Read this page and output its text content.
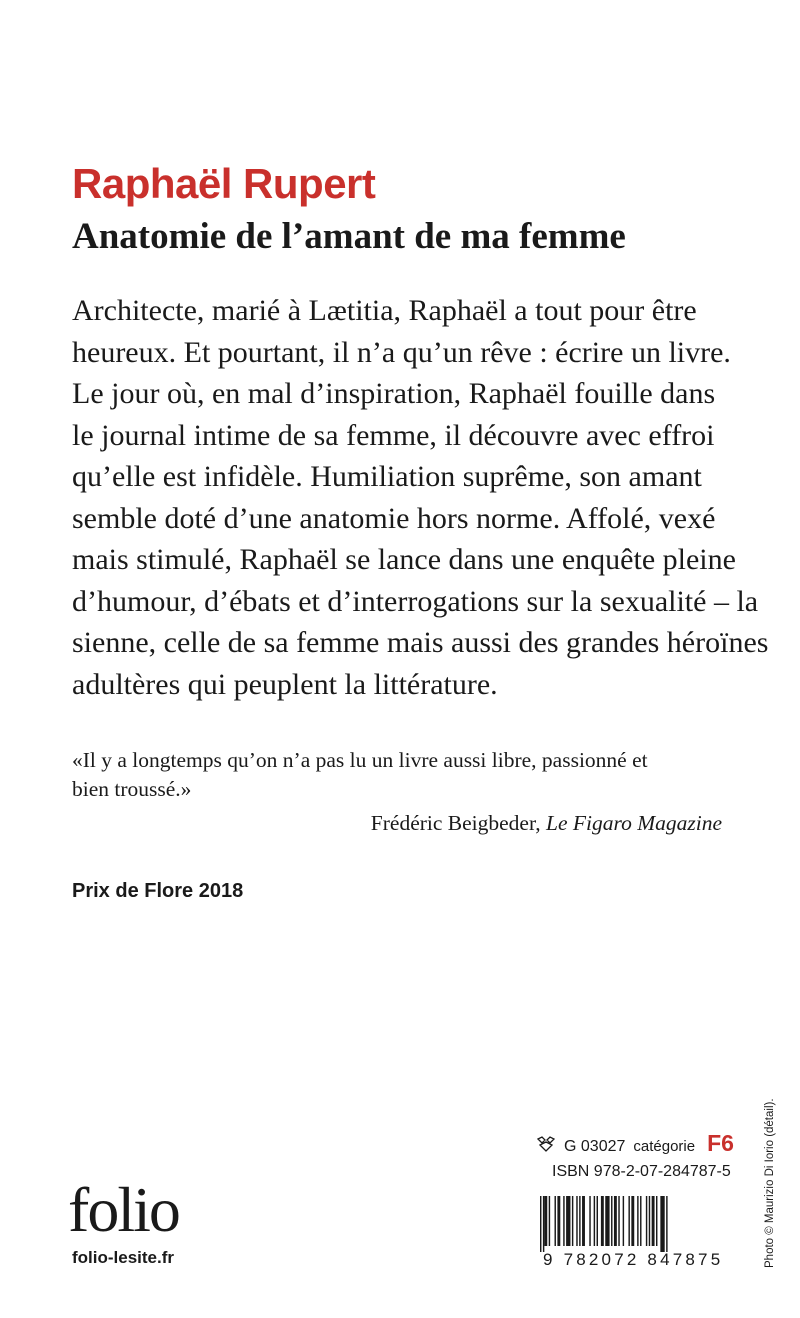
Raphaël Rupert
Anatomie de l’amant de ma femme
Architecte, marié à Lætitia, Raphaël a tout pour être
heureux. Et pourtant, il n’a qu’un rêve : écrire un livre.
Le jour où, en mal d’inspiration, Raphaël fouille dans
le journal intime de sa femme, il découvre avec effroi
qu’elle est infidèle. Humiliation suprême, son amant
semble doté d’une anatomie hors norme. Affolé, vexé
mais stimulé, Raphaël se lance dans une enquête pleine
d’humour, d’ébats et d’interrogations sur la sexualité – la
sienne, celle de sa femme mais aussi des grandes héroïnes
adultères qui peuplent la littérature.
«Il y a longtemps qu’on n’a pas lu un livre aussi libre, passionné et
bien troussé.»

Frédéric Beigbeder, Le Figaro Magazine

Prix de Flore 2018

folio

folio-lesite.fr

G 03027 catégorie F6

ISBN 978-2-07-284787-5

9 782072 847875	Photo © Maurizio Di Iorio (détail).
